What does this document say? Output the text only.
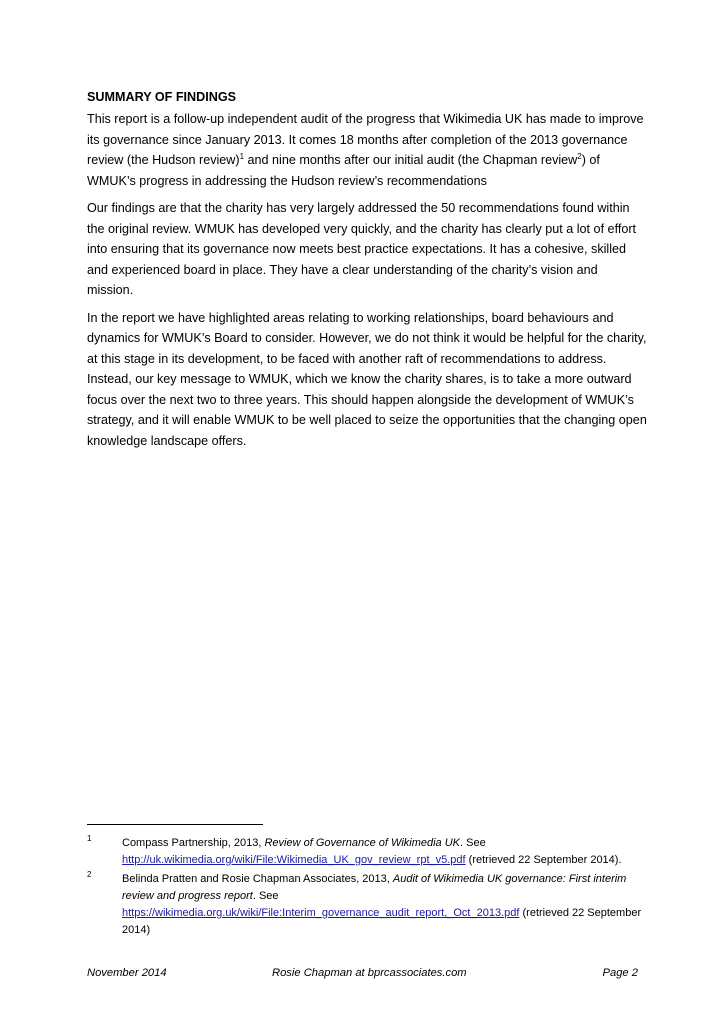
SUMMARY OF FINDINGS

This report is a follow-up independent audit of the progress that Wikimedia UK has made to improve its governance since January 2013. It comes 18 months after completion of the 2013 governance review (the Hudson review)$^1$ and nine months after our initial audit (the Chapman review$^2$) of WMUK’s progress in addressing the Hudson review’s recommendations

Our findings are that the charity has very largely addressed the 50 recommendations found within the original review. WMUK has developed very quickly, and the charity has clearly put a lot of effort into ensuring that its governance now meets best practice expectations. It has a cohesive, skilled and experienced board in place. They have a clear understanding of the charity’s vision and mission.

In the report we have highlighted areas relating to working relationships, board behaviours and dynamics for WMUK’s Board to consider. However, we do not think it would be helpful for the charity, at this stage in its development, to be faced with another raft of recommendations to address. Instead, our key message to WMUK, which we know the charity shares, is to take a more outward focus over the next two to three years. This should happen alongside the development of WMUK’s strategy, and it will enable WMUK to be well placed to seize the opportunities that the changing open knowledge landscape offers.

1	Compass Partnership, 2013, Review of Governance of Wikimedia UK. See http://uk.wikimedia.org/wiki/File:Wikimedia_UK_gov_review_rpt_v5.pdf (retrieved 22 September 2014).
2	Belinda Pratten and Rosie Chapman Associates, 2013, Audit of Wikimedia UK governance: First interim review and progress report. See https://wikimedia.org.uk/wiki/File:Interim_governance_audit_report,_Oct_2013.pdf (retrieved 22 September 2014)
November 2014	Rosie Chapman at bprcassociates.com	Page 2
